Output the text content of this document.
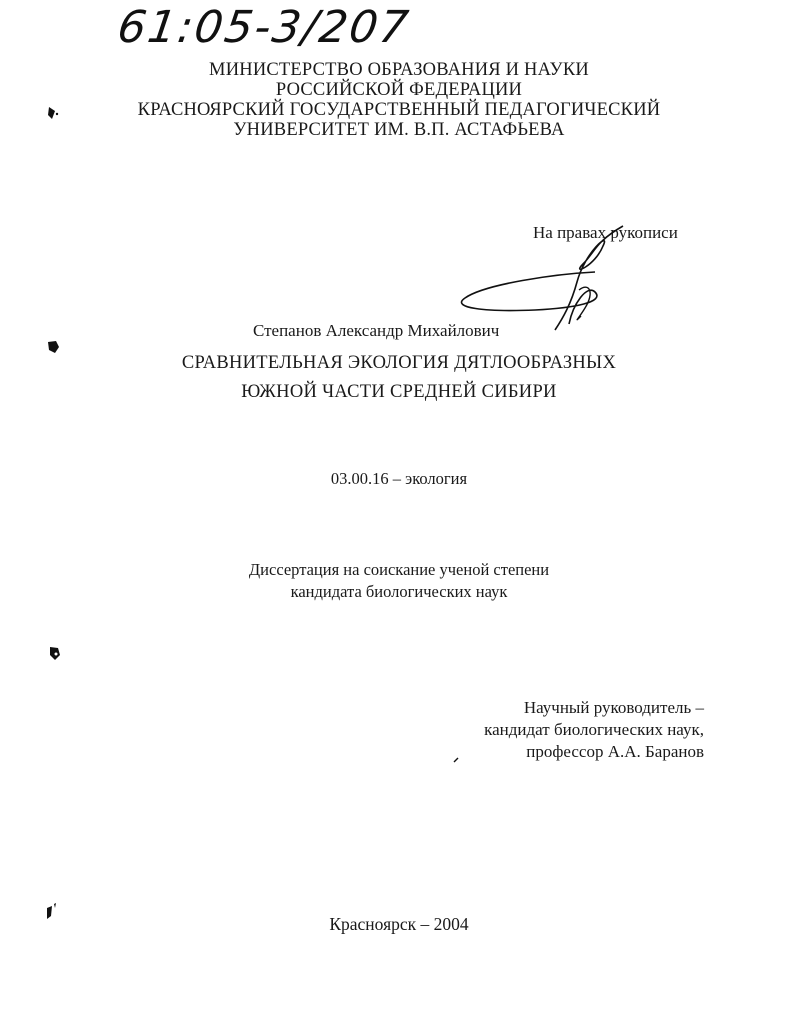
61:05-3/207
МИНИСТЕРСТВО ОБРАЗОВАНИЯ И НАУКИ
РОССИЙСКОЙ ФЕДЕРАЦИИ
КРАСНОЯРСКИЙ ГОСУДАРСТВЕННЫЙ ПЕДАГОГИЧЕСКИЙ
УНИВЕРСИТЕТ ИМ. В.П. АСТАФЬЕВА
На правах рукописи
Степанов Александр Михайлович
СРАВНИТЕЛЬНАЯ ЭКОЛОГИЯ ДЯТЛООБРАЗНЫХ
ЮЖНОЙ ЧАСТИ СРЕДНЕЙ СИБИРИ
03.00.16 – экология
Диссертация на соискание ученой степени
кандидата биологических наук
Научный руководитель –
кандидат биологических наук,
профессор А.А. Баранов
Красноярск – 2004
